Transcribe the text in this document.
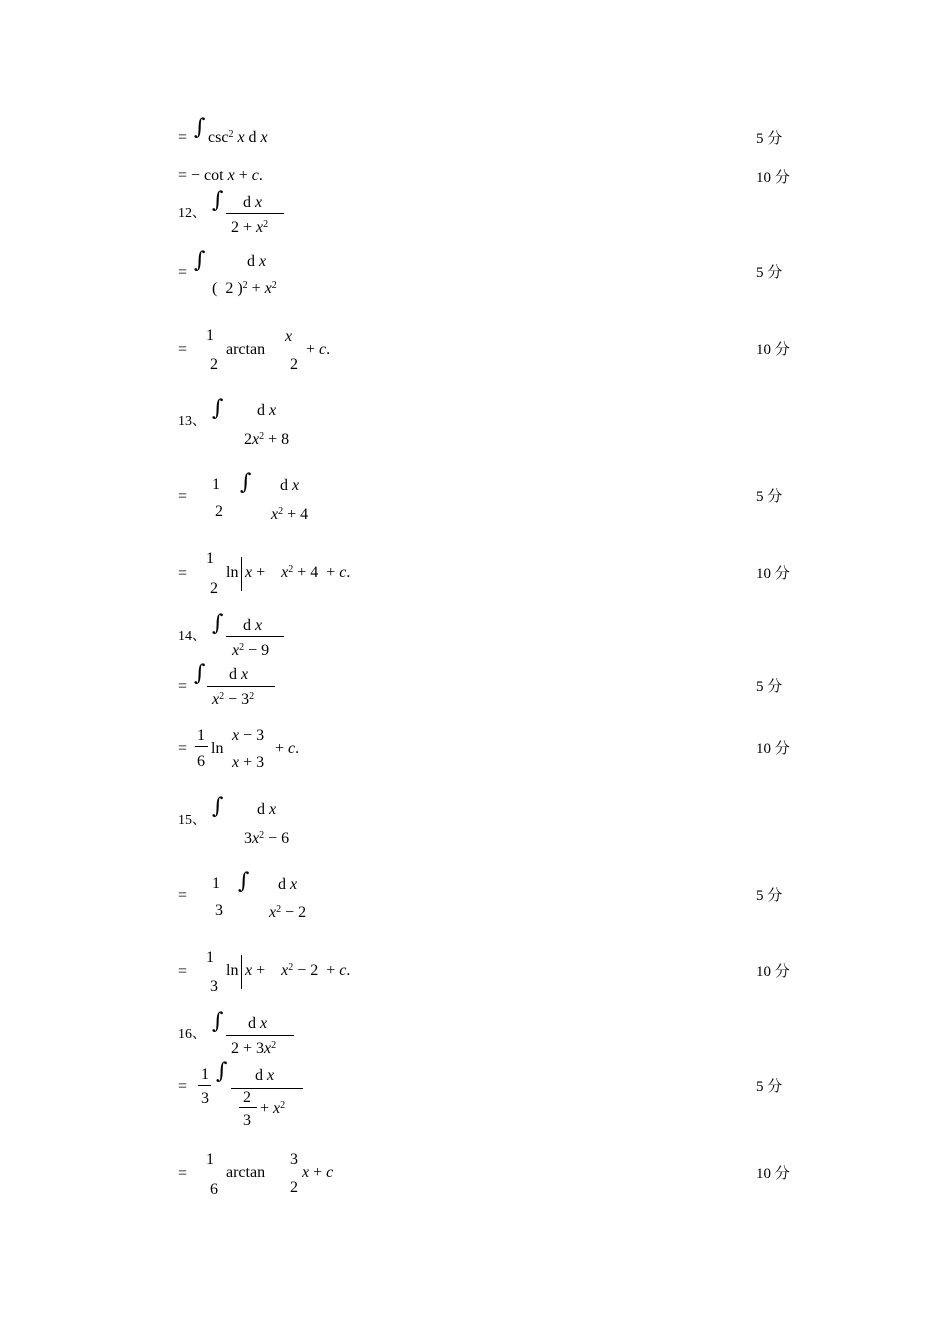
= ∫ $\csc^2 x$ d x	5 分
= − cot x + c.	10 分
12、
∫ d x
$2 + x^2$
= ∫	d x
(  2 )$^2 + x^2$
5 分
=
1
2
arctan
x
2
+ c.	10 分
13、
∫ d x
$2x^2 + 8$
=
1
2
∫ d x
$x^2 + 4$
5 分
=
1
2
ln x +    $x^2 + 4 + c$.	10 分
14、
∫ d x
$x^2 - 9$
=
∫ d x
$x^2 - 3^2$
5 分
=
1
6
ln
x − 3
x + 3
+ c.	10 分
15、
∫ d x
$3x^2 - 6$
=
1
3
∫ d x
$x^2 - 2$
5 分
=
1
3
ln x +    $x^2 - 2 + c$.	10 分
16、
∫ d x
$2 + 3x^2$
=
1
3
∫ d x
2
+ $x^2$
3
5 分
=
1
6
arctan
3
2
x + c	10 分
